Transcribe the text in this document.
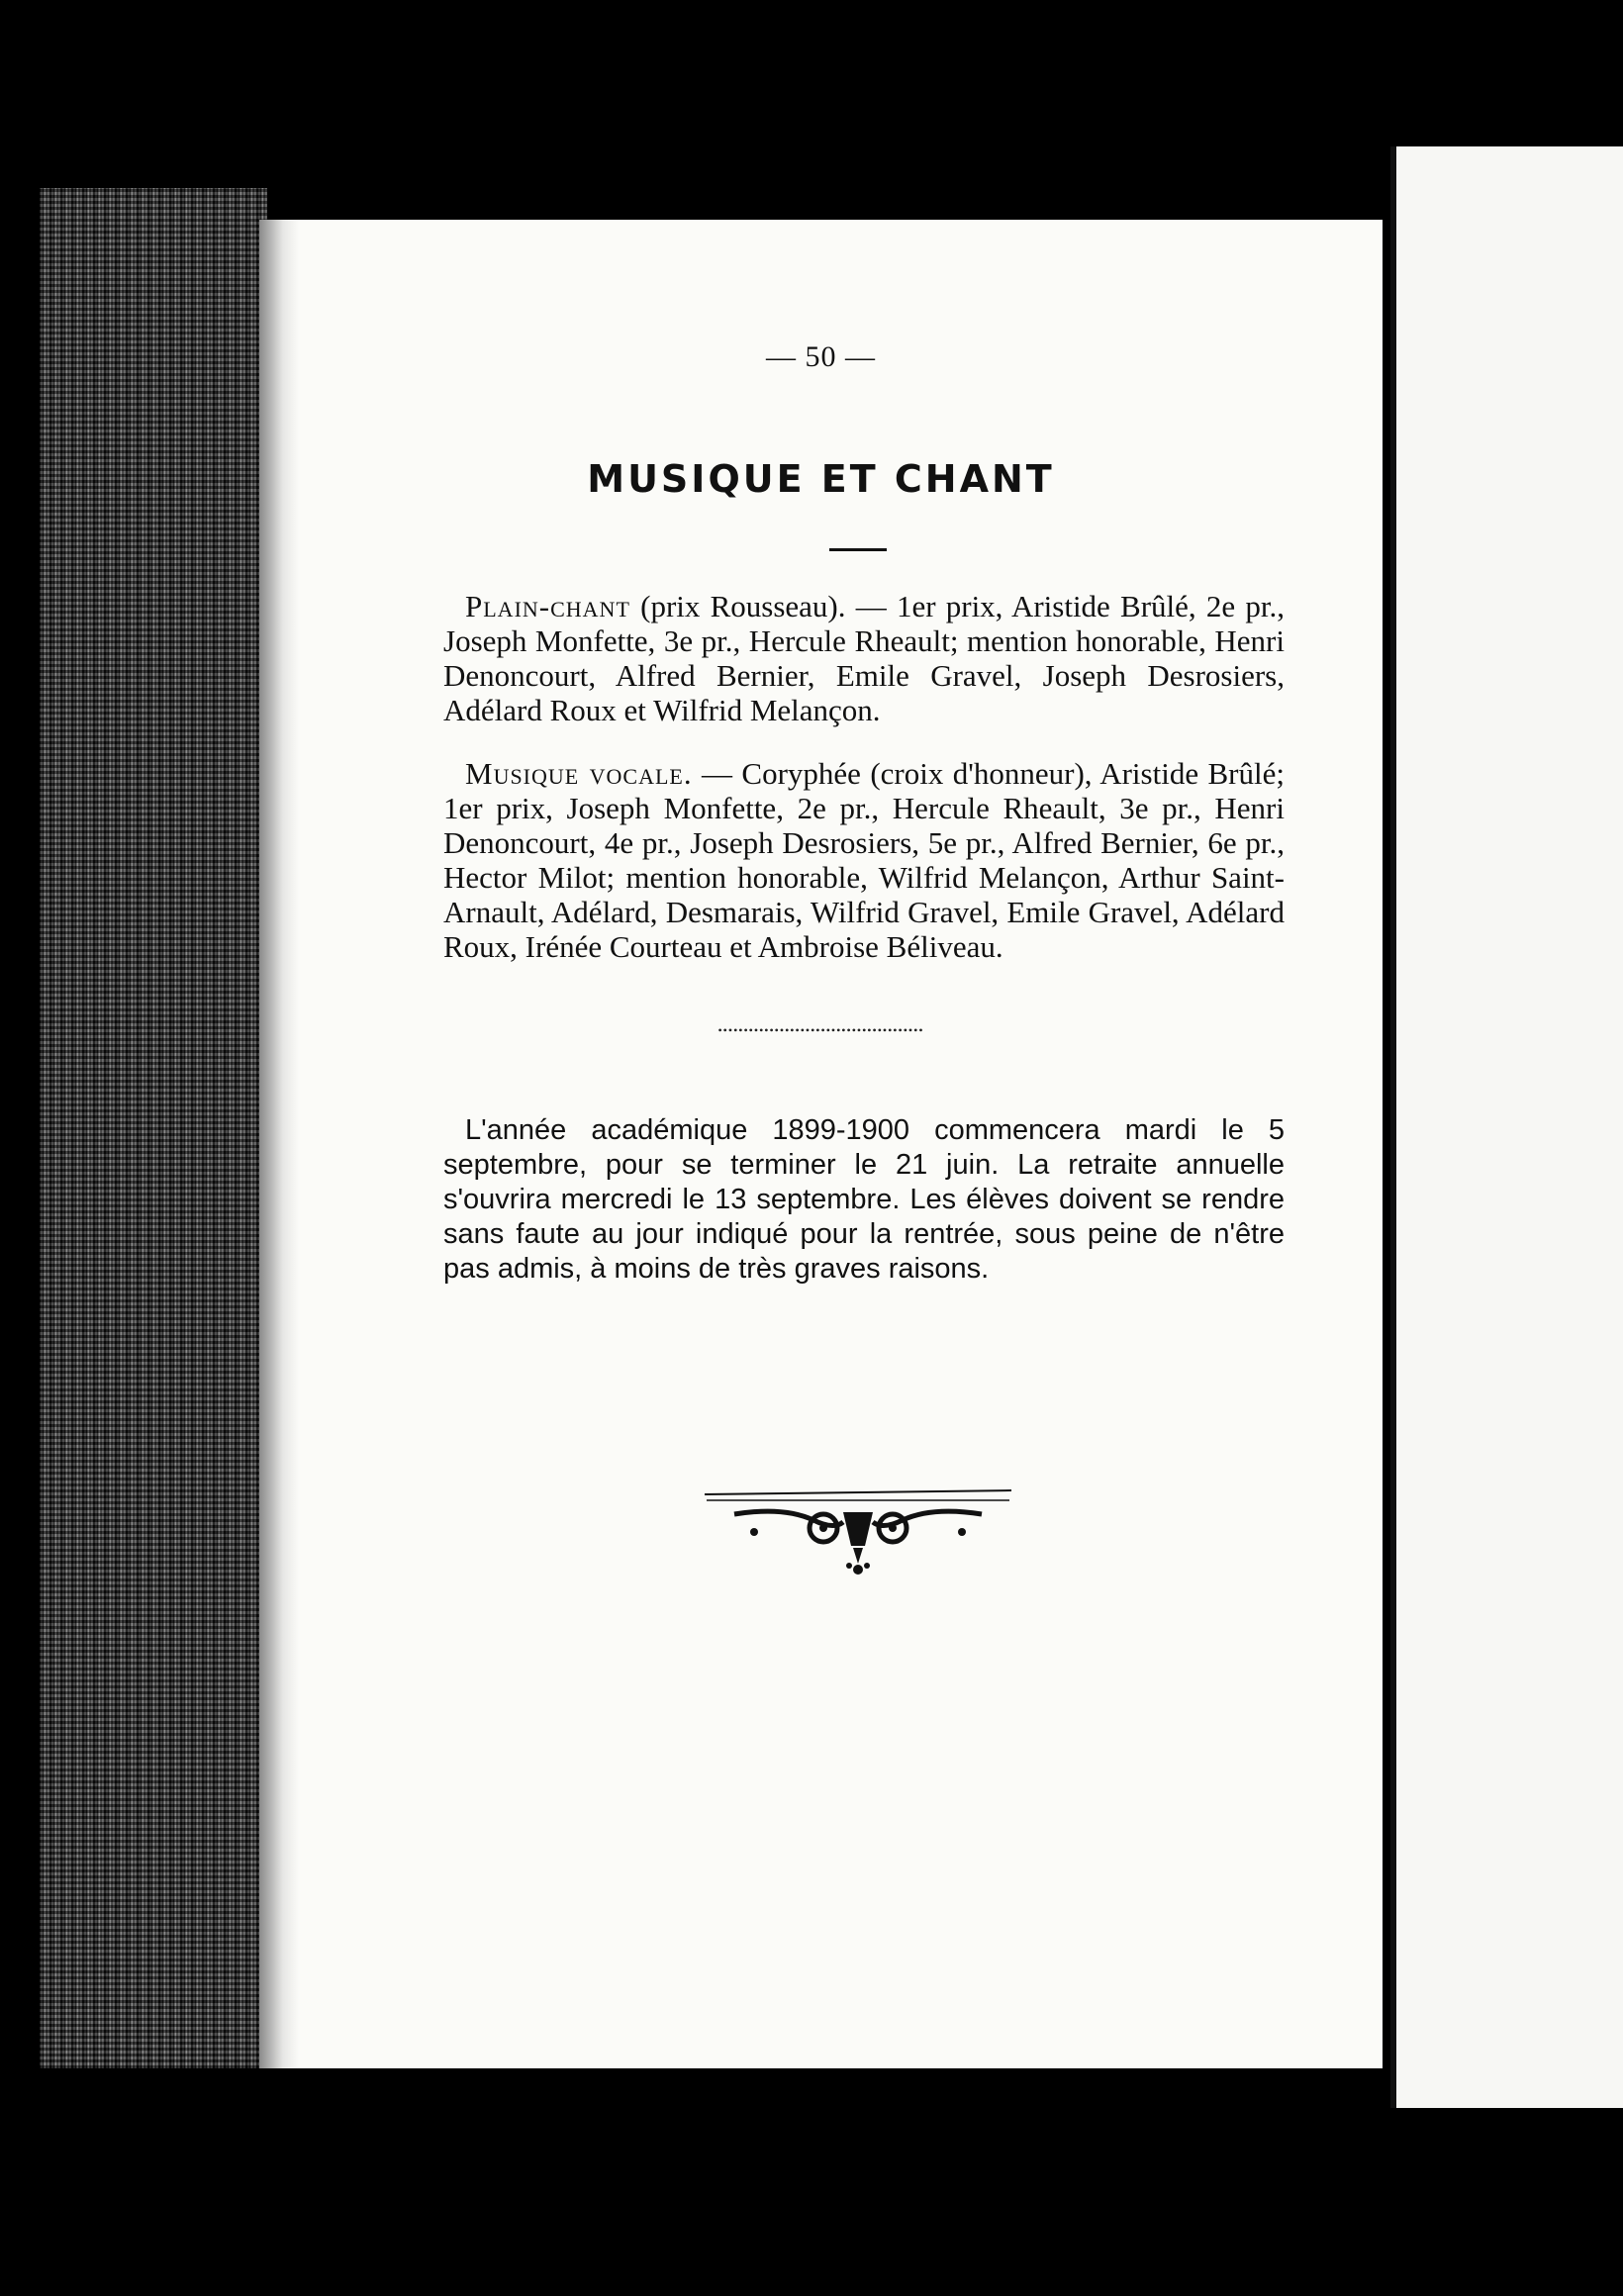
— 50 —
MUSIQUE ET CHANT
Plain-chant (prix Rousseau). — 1er prix, Aristide Brûlé, 2e pr., Joseph Monfette, 3e pr., Hercule Rheault; mention honorable, Henri Denoncourt, Alfred Bernier, Emile Gravel, Joseph Desrosiers, Adélard Roux et Wilfrid Melançon.
Musique vocale. — Coryphée (croix d'honneur), Aristide Brûlé; 1er prix, Joseph Monfette, 2e pr., Hercule Rheault, 3e pr., Henri Denoncourt, 4e pr., Joseph Desrosiers, 5e pr., Alfred Bernier, 6e pr., Hector Milot; mention honorable, Wilfrid Melançon, Arthur Saint-Arnault, Adélard, Desmarais, Wilfrid Gravel, Emile Gravel, Adélard Roux, Irénée Courteau et Ambroise Béliveau.
••••••••••••••••••••••••••••••••••••••••
L'année académique 1899-1900 commencera mardi le 5 septembre, pour se terminer le 21 juin. La retraite annuelle s'ouvrira mercredi le 13 septembre. Les élèves doivent se rendre sans faute au jour indiqué pour la rentrée, sous peine de n'être pas admis, à moins de très graves raisons.
